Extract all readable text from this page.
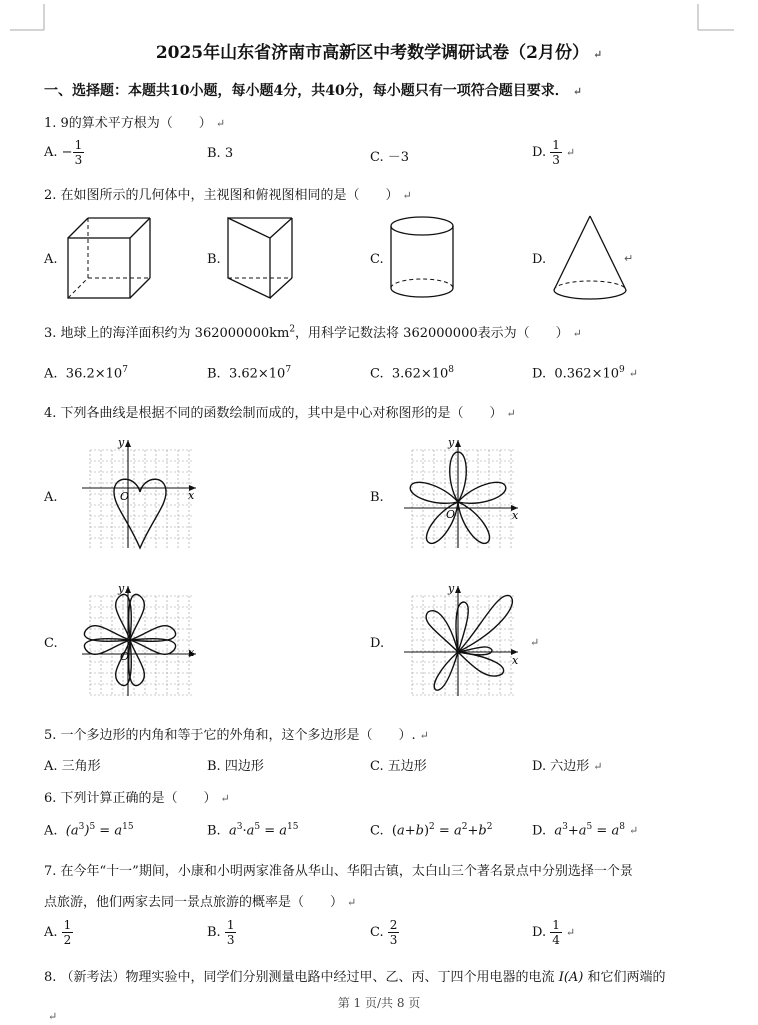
2025年山东省济南市高新区中考数学调研试卷（2月份） ↵
一、选择题：本题共10小题，每小题4分，共40分，每小题只有一项符合题目要求． ↵
1. 9的算术平方根为（　　） ↵
A. − $\frac{1}{3}$	B. 3	C. －3	D. $\frac{1}{3}$ ↵
2. 在如图所示的几何体中，主视图和俯视图相同的是（　　） ↵
A.	B.	C.	D.	↵
3. 地球上的海洋面积约为 $362000000km^2$，用科学记数法将 362000000表示为（　　） ↵
A. $36.2\times 10^7$	B. $3.62\times 10^7$	C. $3.62\times 10^8$	D. $0.362\times 10^9$ ↵
4. 下列各曲线是根据不同的函数绘制而成的，其中是中心对称图形的是（　　） ↵
A.	B.
C.	D.
x
y
O
x
y
O
x
y
O	x
y
↵
5. 一个多边形的内角和等于它的外角和，这个多边形是（　　）. ↵
A. 三角形	B. 四边形	C. 五边形	D. 六边形 ↵
6. 下列计算正确的是（　　） ↵
A. $(a^3)^5 = a^{15}$	B. $a^3\cdot a^5 = a^{15}$	C.  $(a+b)^2 = a^2+b^2$	D. $a^3+a^5 = a^8$ ↵
7. 在今年“十一”期间，小康和小明两家准备从华山、华阳古镇，太白山三个著名景点中分别选择一个景
点旅游，他们两家去同一景点旅游的概率是（　　） ↵
A. $\frac{1}{2}$	B. $\frac{1}{3}$	C. $\frac{2}{3}$	D. $\frac{1}{4}$ ↵
8. （新考法）物理实验中，同学们分别测量电路中经过甲、乙、丙、丁四个用电器的电流 I(A) 和它们两端的
第 1 页/共 8 页
↵
